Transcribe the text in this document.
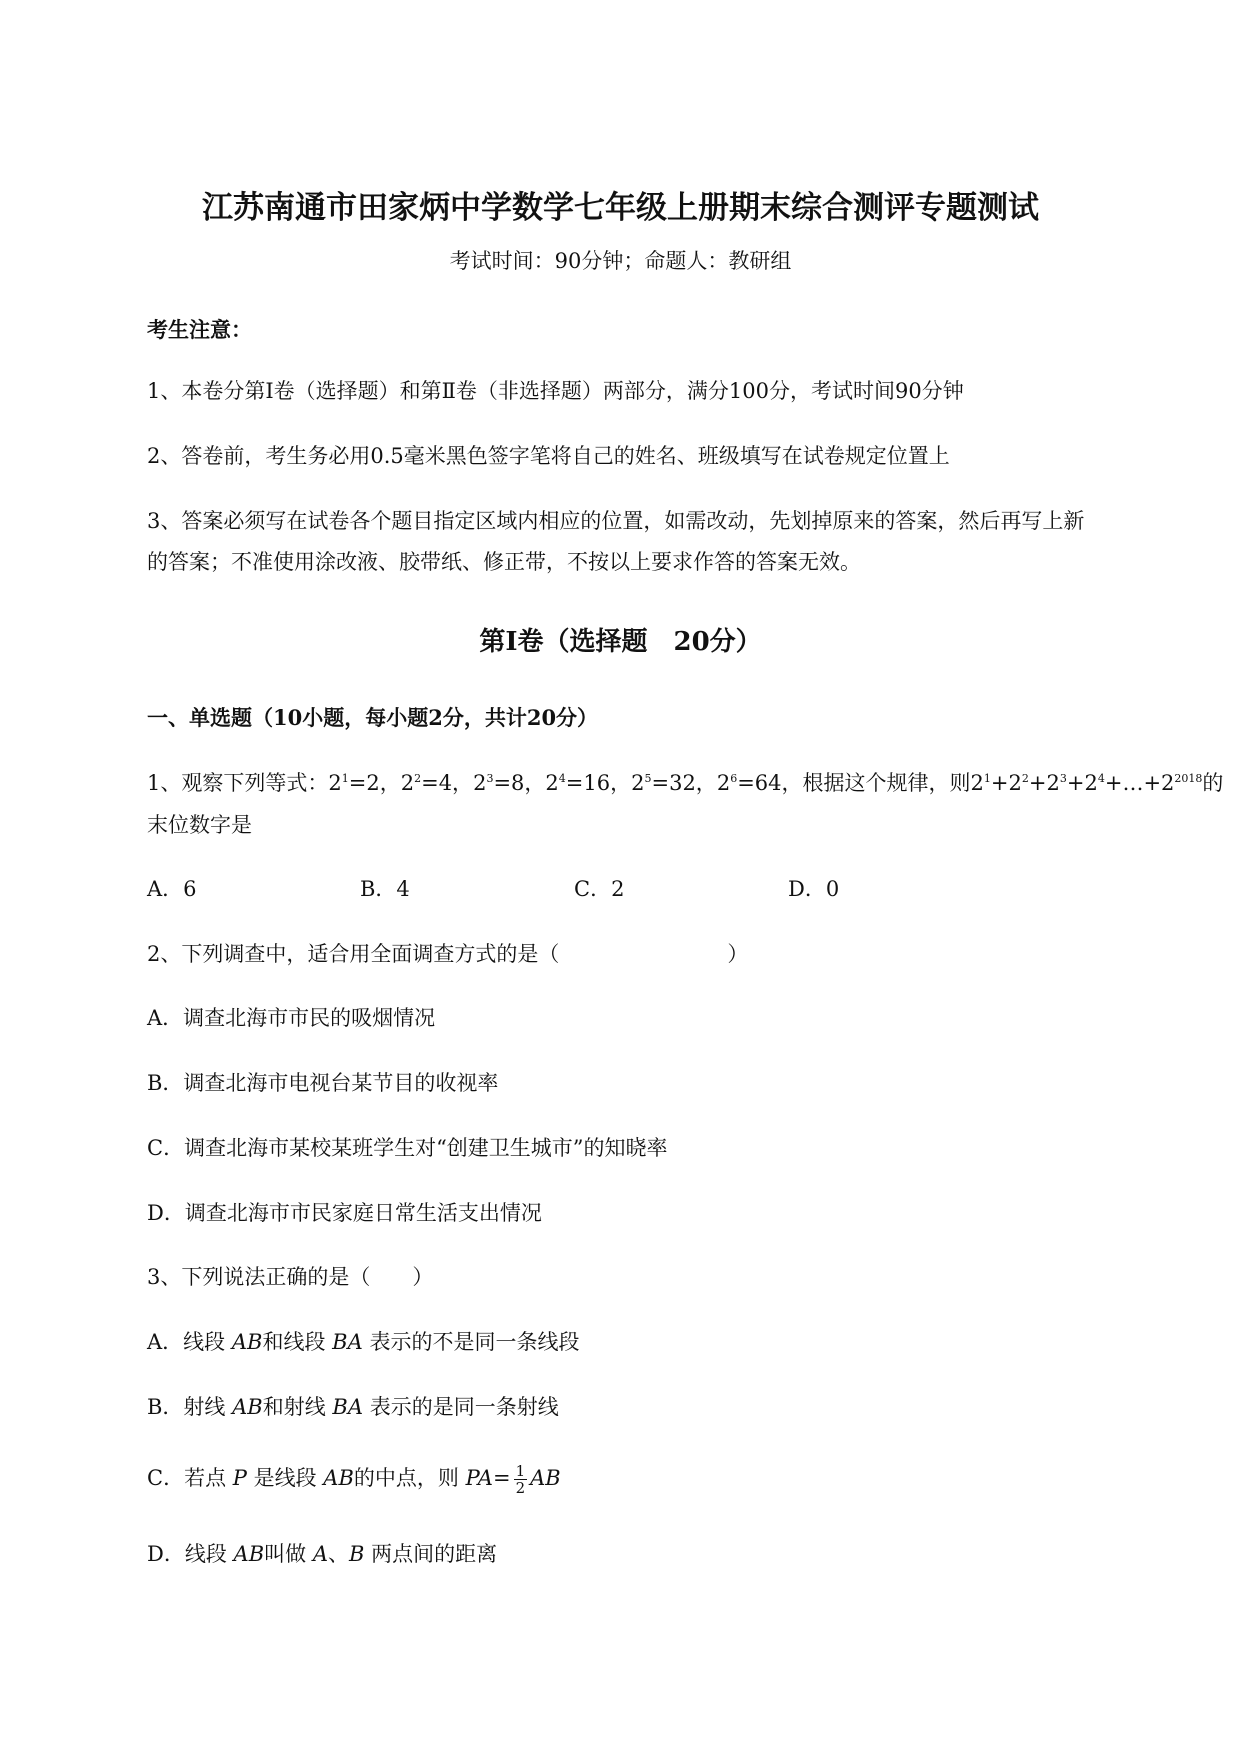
江苏南通市田家炳中学数学七年级上册期末综合测评专题测试
考试时间：90分钟；命题人：教研组
考生注意：
1、本卷分第I卷（选择题）和第Ⅱ卷（非选择题）两部分，满分100分，考试时间90分钟
2、答卷前，考生务必用0.5毫米黑色签字笔将自己的姓名、班级填写在试卷规定位置上
3、答案必须写在试卷各个题目指定区域内相应的位置，如需改动，先划掉原来的答案，然后再写上新
的答案；不准使用涂改液、胶带纸、修正带，不按以上要求作答的答案无效。
第I卷（选择题　20分）
一、单选题（10小题，每小题2分，共计20分）
1、观察下列等式：$2^1=2$，$2^2=4$，$2^3=8$，$2^4=16$，$2^5=32$，$2^6=64$，根据这个规律，则$2^1+2^2+2^3+2^4+\dots+2^{2018}$的
末位数字是
A．6	B．4	C．2	D．0
2、下列调查中，适合用全面调查方式的是（　　　　　　　　）
A．调查北海市市民的吸烟情况
B．调查北海市电视台某节目的收视率
C．调查北海市某校某班学生对“创建卫生城市”的知晓率
D．调查北海市市民家庭日常生活支出情况
3、下列说法正确的是（　　）
A．线段 AB和线段 BA 表示的不是同一条线段
B．射线 AB和射线 BA 表示的是同一条射线
C．若点 P 是线段 AB的中点，则 $PA= \frac{1}{2}$ AB
D．线段 AB叫做 A、B 两点间的距离
